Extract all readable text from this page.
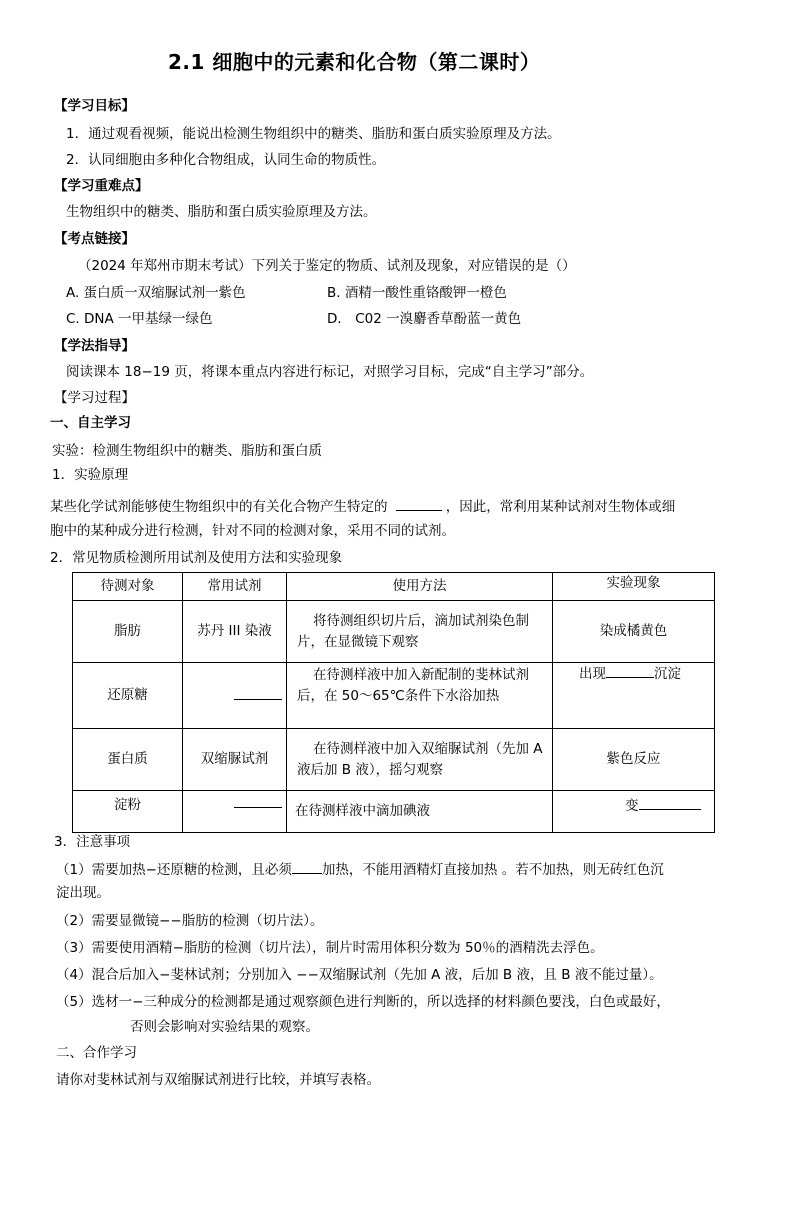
2.1 细胞中的元素和化合物（第二课时）
【学习目标】
1．通过观看视频，能说出检测生物组织中的糖类、脂肪和蛋白质实验原理及方法。
2．认同细胞由多种化合物组成，认同生命的物质性。
【学习重难点】
生物组织中的糖类、脂肪和蛋白质实验原理及方法。
【考点链接】
（2024 年郑州市期末考试）下列关于鉴定的物质、试剂及现象，对应错误的是（）
A. 蛋白质一双缩脲试剂一紫色	B. 酒精一酸性重铬酸钾一橙色
C. DNA 一甲基绿一绿色	D． C02 一溴麝香草酚蓝一黄色
【学法指导】
阅读课本 18−19 页，将课本重点内容进行标记，对照学习目标，完成“自主学习”部分。
【学习过程】
一、自主学习
实验：检测生物组织中的糖类、脂肪和蛋白质
1．实验原理
某些化学试剂能够使生物组织中的有关化合物产生特定的	，因此，常利用某种试剂对生物体或细
胞中的某种成分进行检测，针对不同的检测对象，采用不同的试剂。
2．常见物质检测所用试剂及使用方法和实验现象
待测对象	常用试剂	使用方法	实验现象
脂肪	苏丹 III 染液	将待测组织切片后，滴加试剂染色制片，在显微镜下观察	染成橘黄色
还原糖		在待测样液中加入新配制的斐林试剂后，在 50～65℃条件下水浴加热	出现 沉淀
蛋白质	双缩脲试剂	在待测样液中加入双缩脲试剂（先加 A 液后加 B 液），摇匀观察	紫色反应
淀粉		在待测样液中滴加碘液	变
3．注意事项
（1）需要加热−还原糖的检测，且必须 加热，不能用酒精灯直接加热 。若不加热，则无砖红色沉
淀出现。
（2）需要显微镜−−脂肪的检测（切片法）。
（3）需要使用酒精−脂肪的检测（切片法），制片时需用体积分数为 50％的酒精洗去浮色。
（4）混合后加入−斐林试剂；分别加入 −−双缩脲试剂（先加 A 液，后加 B 液，且 B 液不能过量）。
（5）选材一−三种成分的检测都是通过观察颜色进行判断的，所以选择的材料颜色要浅，白色或最好，
否则会影响对实验结果的观察。
二、合作学习
请你对斐林试剂与双缩脲试剂进行比较，并填写表格。
